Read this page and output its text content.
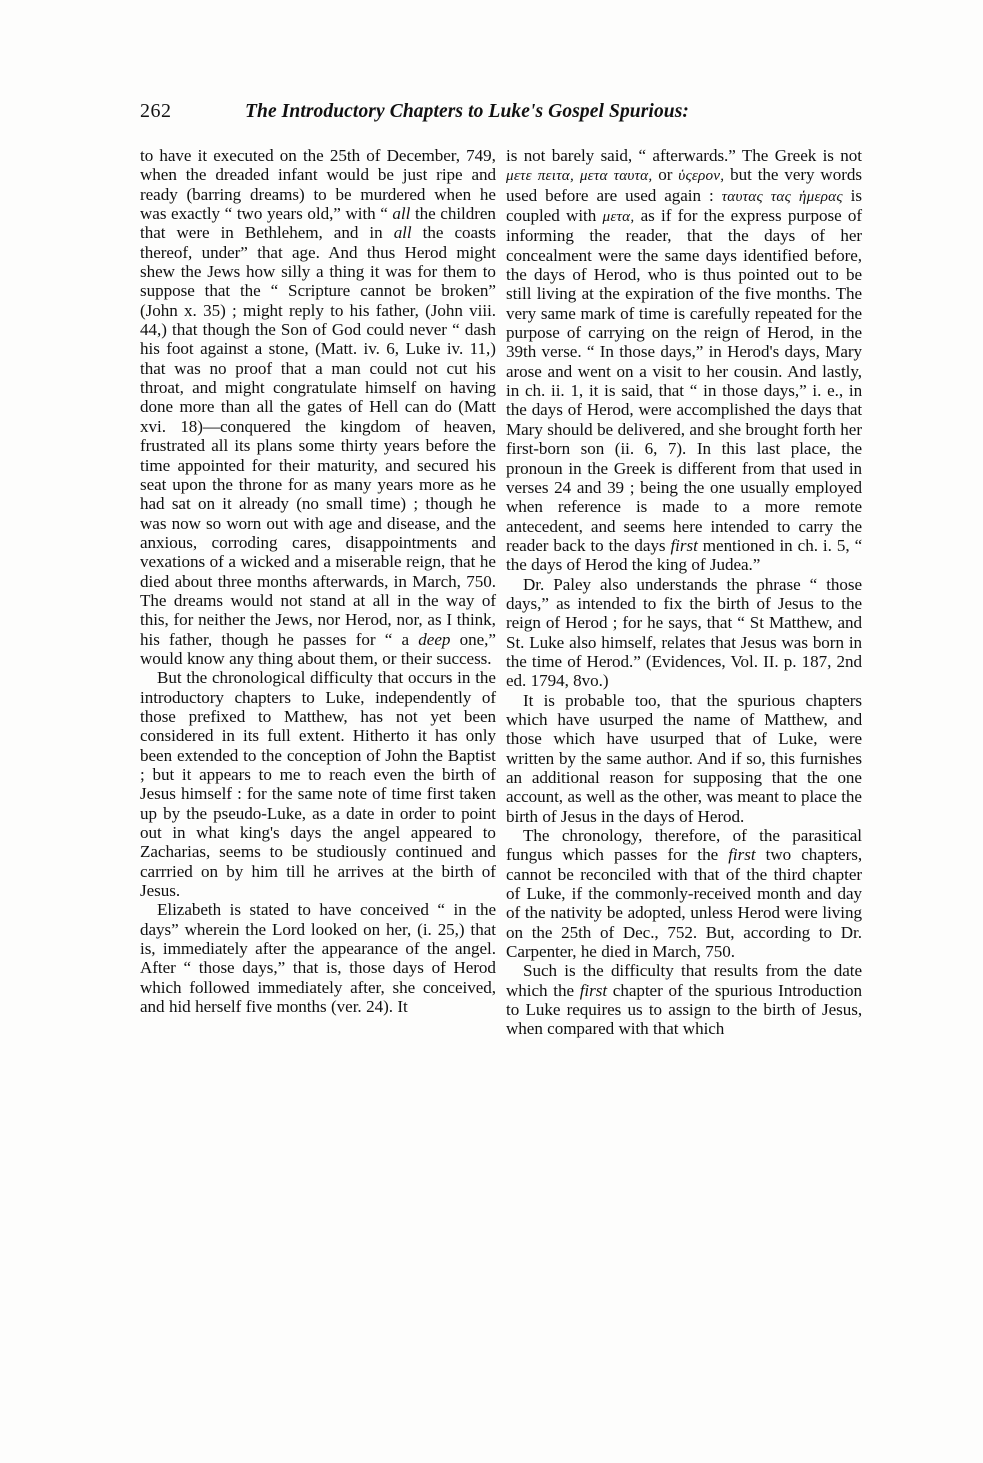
262	The Introductory Chapters to Luke's Gospel Spurious:

to have it executed on the 25th of December, 749, when the dreaded infant would be just ripe and ready (barring dreams) to be murdered when he was exactly “ two years old,” with “ all the children that were in Bethlehem, and in all the coasts thereof, under” that age. And thus Herod might shew the Jews how silly a thing it was for them to suppose that the “ Scripture cannot be broken” (John x. 35) ; might reply to his father, (John viii. 44,) that though the Son of God could never “ dash his foot against a stone, (Matt. iv. 6, Luke iv. 11,) that was no proof that a man could not cut his throat, and might congratulate himself on having done more than all the gates of Hell can do (Matt xvi. 18)—conquered the kingdom of heaven, frustrated all its plans some thirty years before the time appointed for their maturity, and secured his seat upon the throne for as many years more as he had sat on it already (no small time) ; though he was now so worn out with age and disease, and the anxious, corroding cares, disappointments and vexations of a wicked and a miserable reign, that he died about three months afterwards, in March, 750. The dreams would not stand at all in the way of this, for neither the Jews, nor Herod, nor, as I think, his father, though he passes for “ a deep one,” would know any thing about them, or their success.

But the chronological difficulty that occurs in the introductory chapters to Luke, independently of those prefixed to Matthew, has not yet been considered in its full extent. Hitherto it has only been extended to the conception of John the Baptist ; but it appears to me to reach even the birth of Jesus himself : for the same note of time first taken up by the pseudo-Luke, as a date in order to point out in what king's days the angel appeared to Zacharias, seems to be studiously continued and carrried on by him till he arrives at the birth of Jesus.

Elizabeth is stated to have conceived “ in the days” wherein the Lord looked on her, (i. 25,) that is, immediately after the appearance of the angel. After “ those days,” that is, those days of Herod which followed immediately after, she conceived, and hid herself five months (ver. 24). It

is not barely said, “ afterwards.” The Greek is not μετε πειτα, μετα ταυτα, or ὑςερον, but the very words used before are used again : ταυτας τας ἡμερας is coupled with μετα, as if for the express purpose of informing the reader, that the days of her concealment were the same days identified before, the days of Herod, who is thus pointed out to be still living at the expiration of the five months. The very same mark of time is carefully repeated for the purpose of carrying on the reign of Herod, in the 39th verse. “ In those days,” in Herod's days, Mary arose and went on a visit to her cousin. And lastly, in ch. ii. 1, it is said, that “ in those days,” i. e., in the days of Herod, were accomplished the days that Mary should be delivered, and she brought forth her first-born son (ii. 6, 7). In this last place, the pronoun in the Greek is different from that used in verses 24 and 39 ; being the one usually employed when reference is made to a more remote antecedent, and seems here intended to carry the reader back to the days first mentioned in ch. i. 5, “ the days of Herod the king of Judea.”

Dr. Paley also understands the phrase “ those days,” as intended to fix the birth of Jesus to the reign of Herod ; for he says, that “ St Matthew, and St. Luke also himself, relates that Jesus was born in the time of Herod.” (Evidences, Vol. II. p. 187, 2nd ed. 1794, 8vo.)

It is probable too, that the spurious chapters which have usurped the name of Matthew, and those which have usurped that of Luke, were written by the same author. And if so, this furnishes an additional reason for supposing that the one account, as well as the other, was meant to place the birth of Jesus in the days of Herod.

The chronology, therefore, of the parasitical fungus which passes for the first two chapters, cannot be reconciled with that of the third chapter of Luke, if the commonly-received month and day of the nativity be adopted, unless Herod were living on the 25th of Dec., 752. But, according to Dr. Carpenter, he died in March, 750.

Such is the difficulty that results from the date which the first chapter of the spurious Introduction to Luke requires us to assign to the birth of Jesus, when compared with that which
